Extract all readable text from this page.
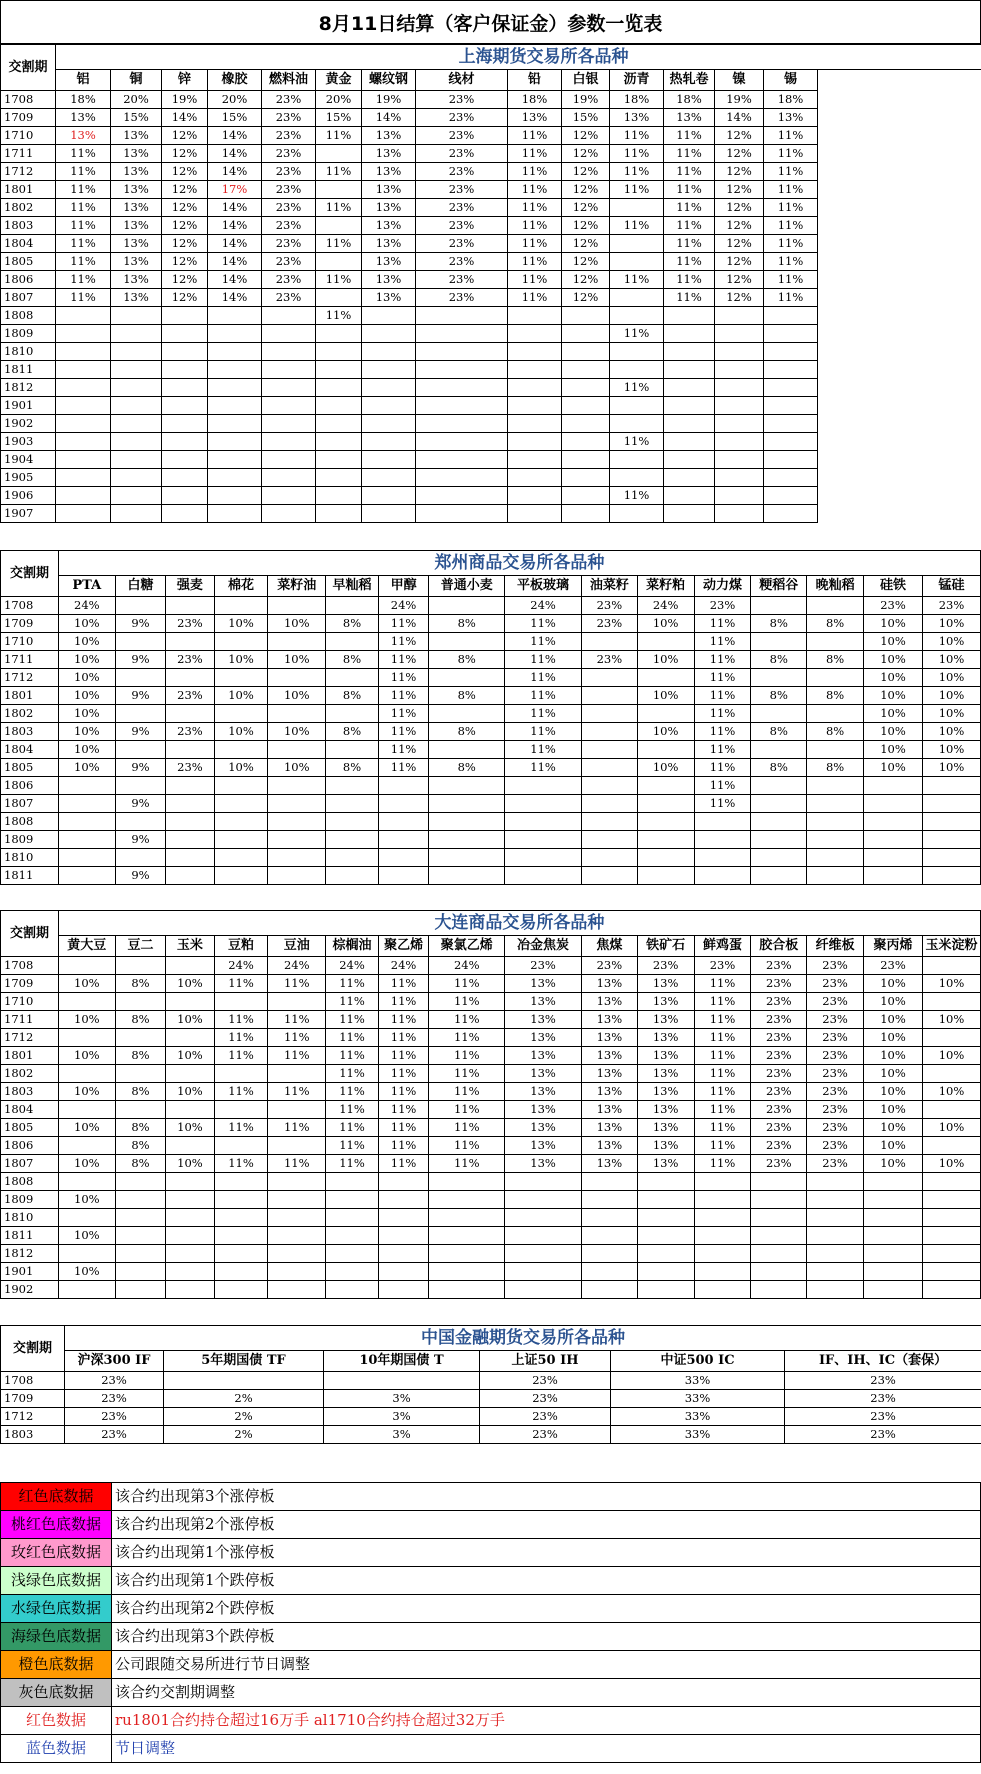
8月11日结算（客户保证金）参数一览表
交割期	上海期货交易所各品种														
	铝	铜	锌	橡胶	燃料油	黄金	螺纹钢	线材	铅	白银	沥青	热轧卷	镍	锡	
1708	18%	20%	19%	20%	23%	20%	19%	23%	18%	19%	18%	18%	19%	18%	
1709	13%	15%	14%	15%	23%	15%	14%	23%	13%	15%	13%	13%	14%	13%	
1710	13%	13%	12%	14%	23%	11%	13%	23%	11%	12%	11%	11%	12%	11%	
1711	11%	13%	12%	14%	23%		13%	23%	11%	12%	11%	11%	12%	11%	
1712	11%	13%	12%	14%	23%	11%	13%	23%	11%	12%	11%	11%	12%	11%	
1801	11%	13%	12%	17%	23%		13%	23%	11%	12%	11%	11%	12%	11%	
1802	11%	13%	12%	14%	23%	11%	13%	23%	11%	12%		11%	12%	11%	
1803	11%	13%	12%	14%	23%		13%	23%	11%	12%	11%	11%	12%	11%	
1804	11%	13%	12%	14%	23%	11%	13%	23%	11%	12%		11%	12%	11%	
1805	11%	13%	12%	14%	23%		13%	23%	11%	12%		11%	12%	11%	
1806	11%	13%	12%	14%	23%	11%	13%	23%	11%	12%	11%	11%	12%	11%	
1807	11%	13%	12%	14%	23%		13%	23%	11%	12%		11%	12%	11%	
1808						11%									
1809											11%				
1810															
1811															
1812											11%				
1901															
1902															
1903											11%				
1904															
1905															
1906											11%				
1907															
交割期	郑州商品交易所各品种															
	PTA	白糖	强麦	棉花	菜籽油	早籼稻	甲醇	普通小麦	平板玻璃	油菜籽	菜籽粕	动力煤	粳稻谷	晚籼稻	硅铁	锰硅
1708	24%						24%		24%	23%	24%	23%			23%	23%
1709	10%	9%	23%	10%	10%	8%	11%	8%	11%	23%	10%	11%	8%	8%	10%	10%
1710	10%						11%		11%			11%			10%	10%
1711	10%	9%	23%	10%	10%	8%	11%	8%	11%	23%	10%	11%	8%	8%	10%	10%
1712	10%						11%		11%			11%			10%	10%
1801	10%	9%	23%	10%	10%	8%	11%	8%	11%		10%	11%	8%	8%	10%	10%
1802	10%						11%		11%			11%			10%	10%
1803	10%	9%	23%	10%	10%	8%	11%	8%	11%		10%	11%	8%	8%	10%	10%
1804	10%						11%		11%			11%			10%	10%
1805	10%	9%	23%	10%	10%	8%	11%	8%	11%		10%	11%	8%	8%	10%	10%
1806												11%				
1807		9%										11%				
1808																
1809		9%														
1810																
1811		9%														
交割期	大连商品交易所各品种															
	黄大豆	豆二	玉米	豆粕	豆油	棕榈油	聚乙烯	聚氯乙烯	冶金焦炭	焦煤	铁矿石	鲜鸡蛋	胶合板	纤维板	聚丙烯	玉米淀粉
1708				24%	24%	24%	24%	24%	23%	23%	23%	23%	23%	23%	23%	
1709	10%	8%	10%	11%	11%	11%	11%	11%	13%	13%	13%	11%	23%	23%	10%	10%
1710						11%	11%	11%	13%	13%	13%	11%	23%	23%	10%	
1711	10%	8%	10%	11%	11%	11%	11%	11%	13%	13%	13%	11%	23%	23%	10%	10%
1712				11%	11%	11%	11%	11%	13%	13%	13%	11%	23%	23%	10%	
1801	10%	8%	10%	11%	11%	11%	11%	11%	13%	13%	13%	11%	23%	23%	10%	10%
1802						11%	11%	11%	13%	13%	13%	11%	23%	23%	10%	
1803	10%	8%	10%	11%	11%	11%	11%	11%	13%	13%	13%	11%	23%	23%	10%	10%
1804						11%	11%	11%	13%	13%	13%	11%	23%	23%	10%	
1805	10%	8%	10%	11%	11%	11%	11%	11%	13%	13%	13%	11%	23%	23%	10%	10%
1806		8%				11%	11%	11%	13%	13%	13%	11%	23%	23%	10%	
1807	10%	8%	10%	11%	11%	11%	11%	11%	13%	13%	13%	11%	23%	23%	10%	10%
1808																
1809	10%															
1810																
1811	10%															
1812																
1901	10%															
1902																
交割期	中国金融期货交易所各品种					
	沪深300 IF	5年期国债 TF	10年期国债 T	上证50 IH	中证500 IC	IF、IH、IC（套保）
1708	23%			23%	33%	23%
1709	23%	2%	3%	23%	33%	23%
1712	23%	2%	3%	23%	33%	23%
1803	23%	2%	3%	23%	33%	23%
红色底数据	该合约出现第3个涨停板
桃红色底数据	该合约出现第2个涨停板
玫红色底数据	该合约出现第1个涨停板
浅绿色底数据	该合约出现第1个跌停板
水绿色底数据	该合约出现第2个跌停板
海绿色底数据	该合约出现第3个跌停板
橙色底数据	公司跟随交易所进行节日调整
灰色底数据	该合约交割期调整
红色数据	ru1801合约持仓超过16万手 al1710合约持仓超过32万手
蓝色数据	节日调整
